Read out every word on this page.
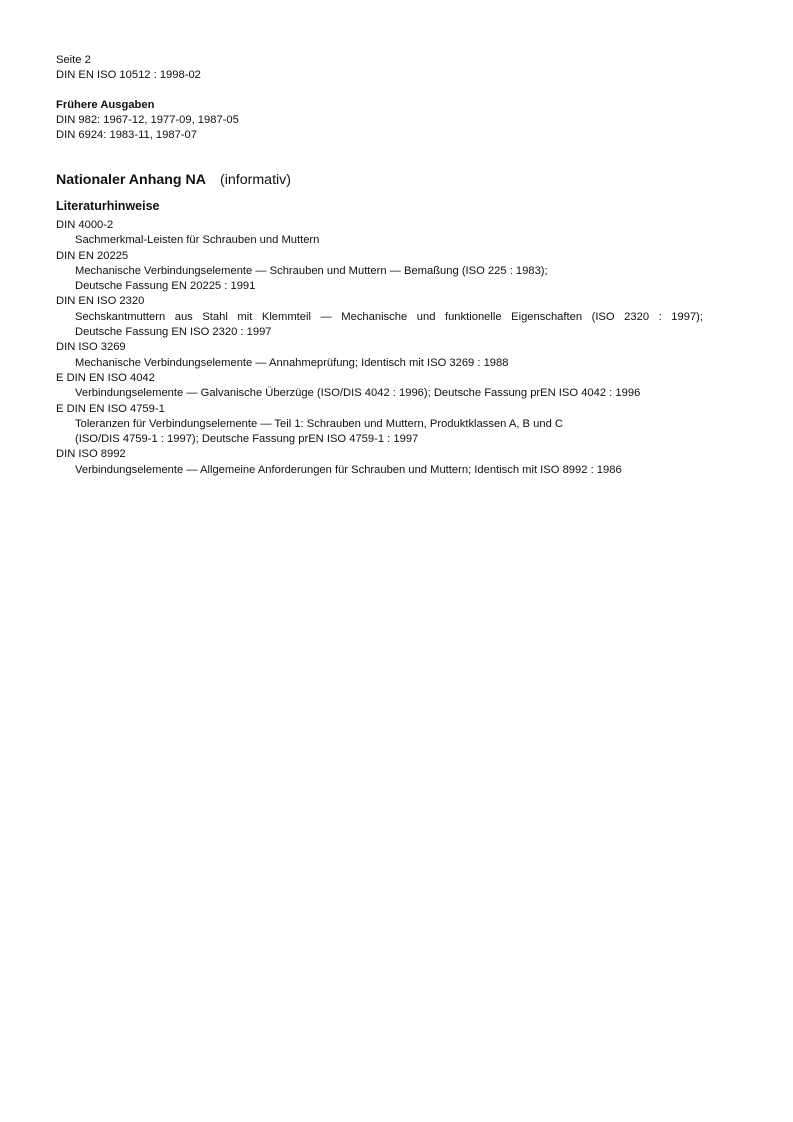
Seite 2
DIN EN ISO 10512 : 1998-02
Frühere Ausgaben
DIN 982: 1967-12, 1977-09, 1987-05
DIN 6924: 1983-11, 1987-07
Nationaler Anhang NA (informativ)
Literaturhinweise
DIN 4000-2
Sachmerkmal-Leisten für Schrauben und Muttern
DIN EN 20225
Mechanische Verbindungselemente — Schrauben und Muttern — Bemaßung (ISO 225 : 1983);
Deutsche Fassung EN 20225 : 1991
DIN EN ISO 2320
Sechskantmuttern aus Stahl mit Klemmteil — Mechanische und funktionelle Eigenschaften (ISO 2320 : 1997);
Deutsche Fassung EN ISO 2320 : 1997
DIN ISO 3269
Mechanische Verbindungselemente — Annahmeprüfung; Identisch mit ISO 3269 : 1988
E DIN EN ISO 4042
Verbindungselemente — Galvanische Überzüge (ISO/DIS 4042 : 1996); Deutsche Fassung prEN ISO 4042 : 1996
E DIN EN ISO 4759-1
Toleranzen für Verbindungselemente — Teil 1: Schrauben und Muttern, Produktklassen A, B und C
(ISO/DIS 4759-1 : 1997); Deutsche Fassung prEN ISO 4759-1 : 1997
DIN ISO 8992
Verbindungselemente — Allgemeine Anforderungen für Schrauben und Muttern; Identisch mit ISO 8992 : 1986
